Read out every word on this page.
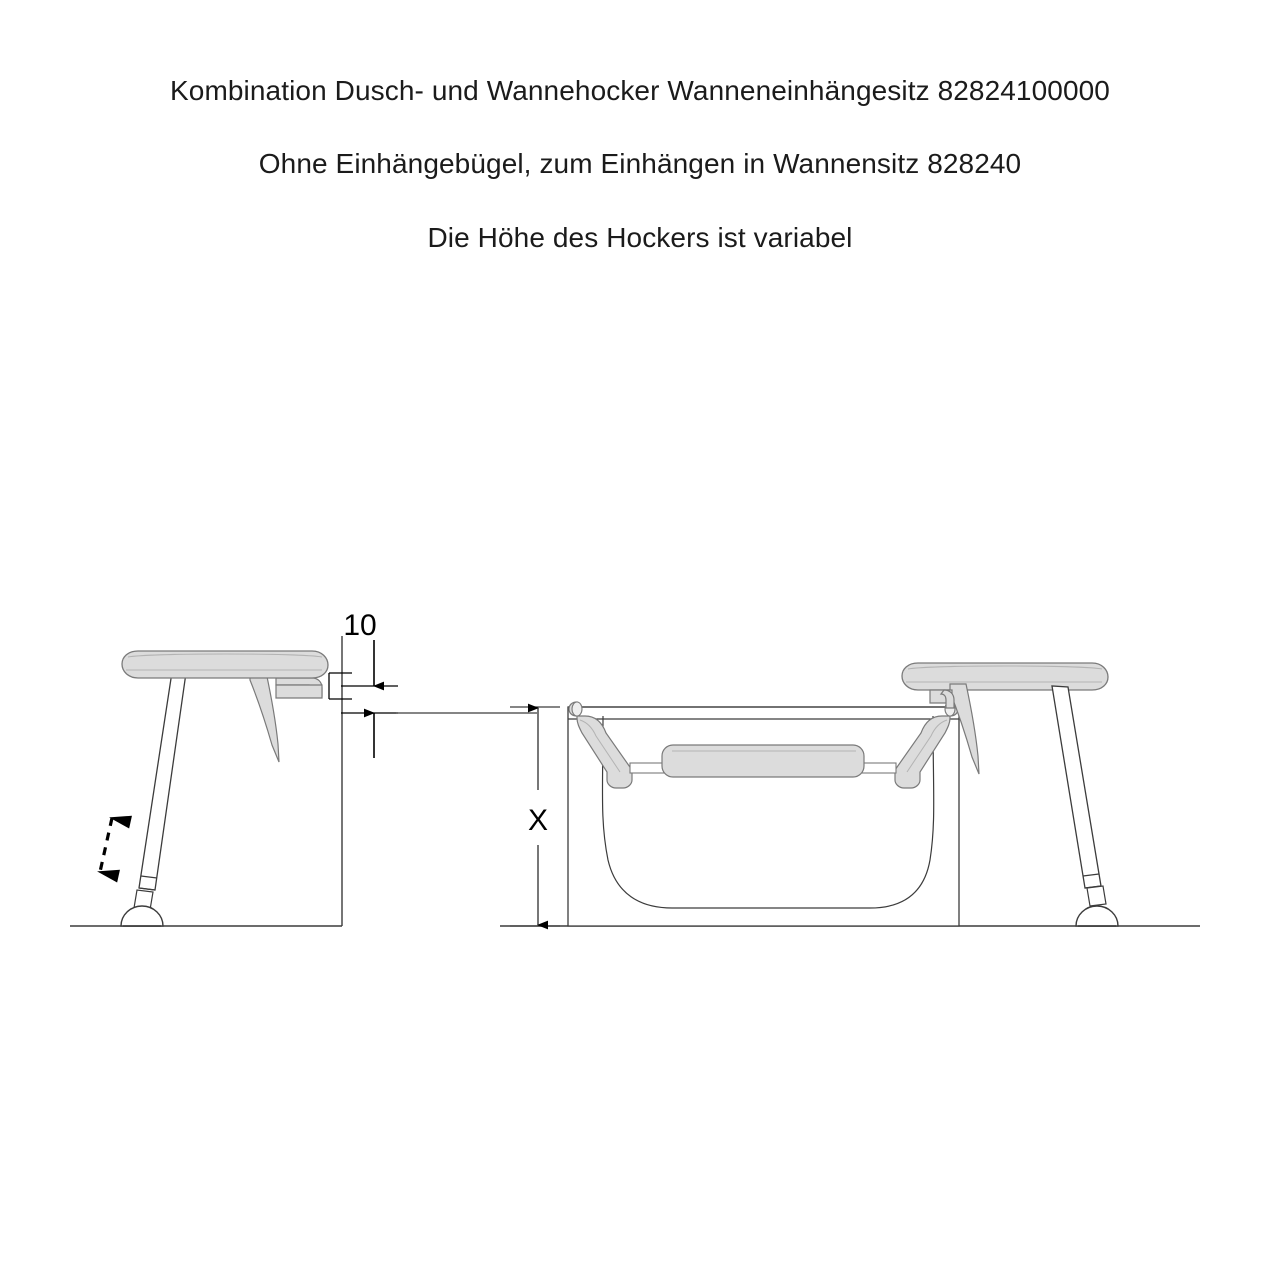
Kombination Dusch- und Wannehocker Wanneneinhängesitz 82824100000
Ohne Einhängebügel, zum Einhängen in Wannensitz 828240
Die Höhe des Hockers ist variabel
10
X
